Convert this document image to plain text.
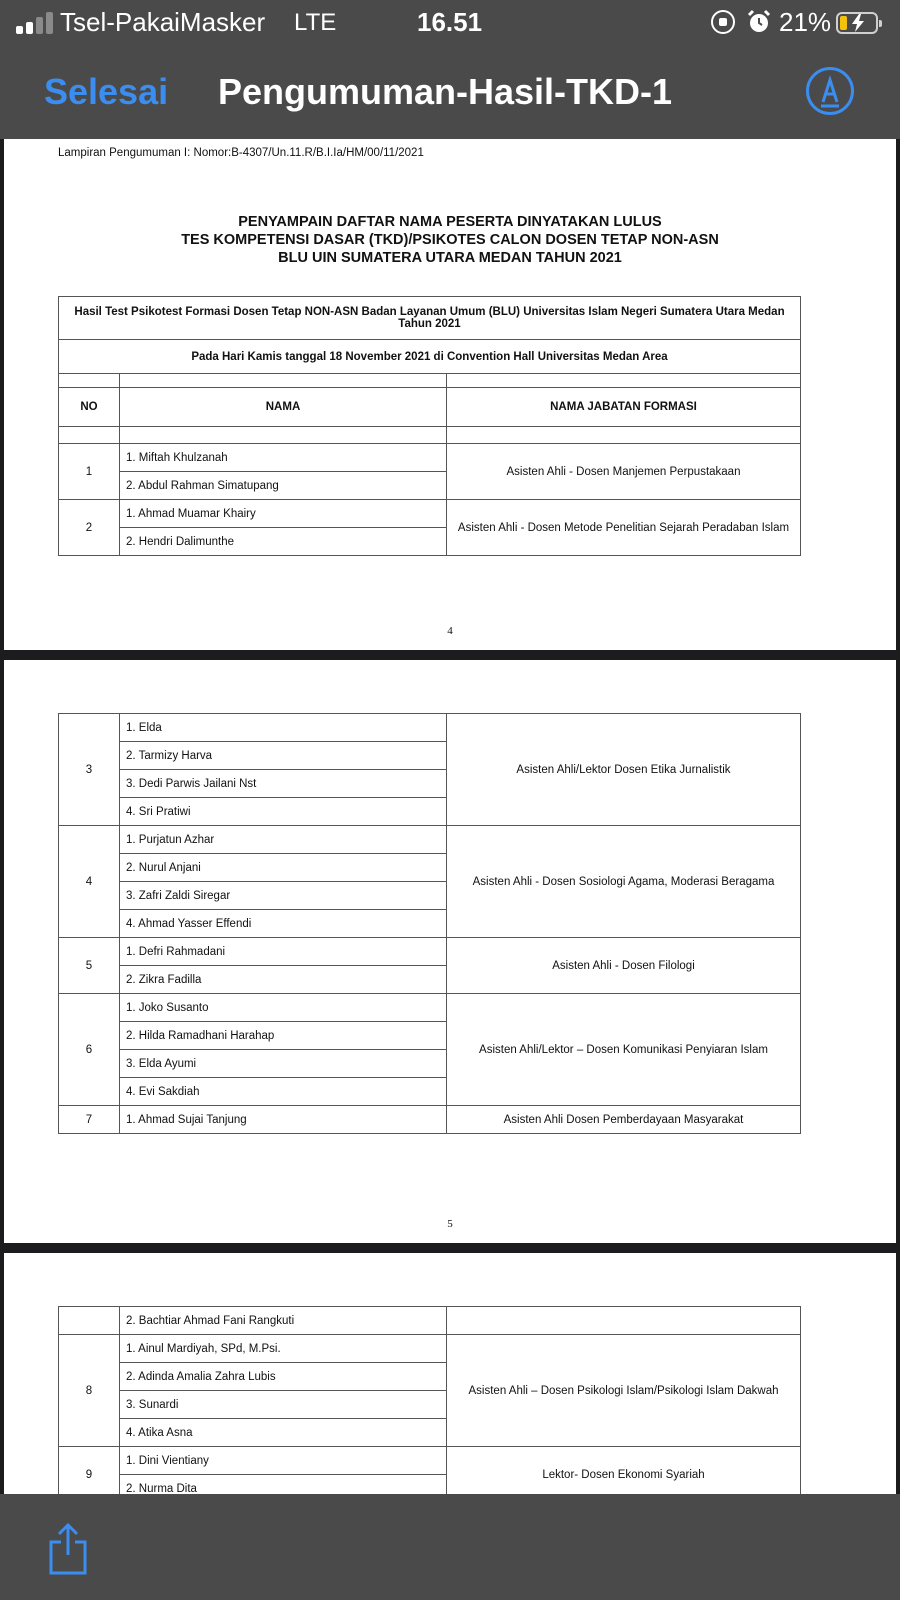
Tsel-PakaiMasker LTE	16.51	21%
Selesai Pengumuman-Hasil-TKD-1
Lampiran Pengumuman I: Nomor:B-4307/Un.11.R/B.I.Ia/HM/00/11/2021
PENYAMPAIN DAFTAR NAMA PESERTA DINYATAKAN LULUS
TES KOMPETENSI DASAR (TKD)/PSIKOTES CALON DOSEN TETAP NON-ASN
BLU UIN SUMATERA UTARA MEDAN TAHUN 2021
Hasil Test Psikotest Formasi Dosen Tetap NON-ASN Badan Layanan Umum (BLU) Universitas Islam Negeri Sumatera Utara Medan Tahun 2021		
Pada Hari Kamis tanggal 18 November 2021 di Convention Hall Universitas Medan Area		

NO	NAMA	NAMA JABATAN FORMASI

1	1. Miftah Khulzanah	Asisten Ahli - Dosen Manjemen Perpustakaan
	2. Abdul Rahman Simatupang	
2	1. Ahmad Muamar Khairy	Asisten Ahli - Dosen Metode Penelitian Sejarah Peradaban Islam
	2. Hendri Dalimunthe	
4
3	1. Elda	Asisten Ahli/Lektor Dosen Etika Jurnalistik
	2. Tarmizy Harva	
	3. Dedi Parwis Jailani Nst	
	4. Sri Pratiwi	
4	1. Purjatun Azhar	Asisten Ahli - Dosen Sosiologi Agama, Moderasi Beragama
	2. Nurul Anjani	
	3. Zafri Zaldi Siregar	
	4. Ahmad Yasser Effendi	
5	1. Defri Rahmadani	Asisten Ahli - Dosen Filologi
	2. Zikra Fadilla	
6	1. Joko Susanto	Asisten Ahli/Lektor – Dosen Komunikasi Penyiaran Islam
	2. Hilda Ramadhani Harahap	
	3. Elda Ayumi	
	4. Evi Sakdiah	
7	1. Ahmad Sujai Tanjung	Asisten Ahli Dosen Pemberdayaan Masyarakat
5
	2. Bachtiar Ahmad Fani Rangkuti	
8	1. Ainul Mardiyah, SPd, M.Psi.	Asisten Ahli – Dosen Psikologi Islam/Psikologi Islam Dakwah
	2. Adinda Amalia Zahra Lubis	
	3. Sunardi	
	4. Atika Asna	
9	1. Dini Vientiany	Lektor- Dosen Ekonomi Syariah
	2. Nurma Dita	
